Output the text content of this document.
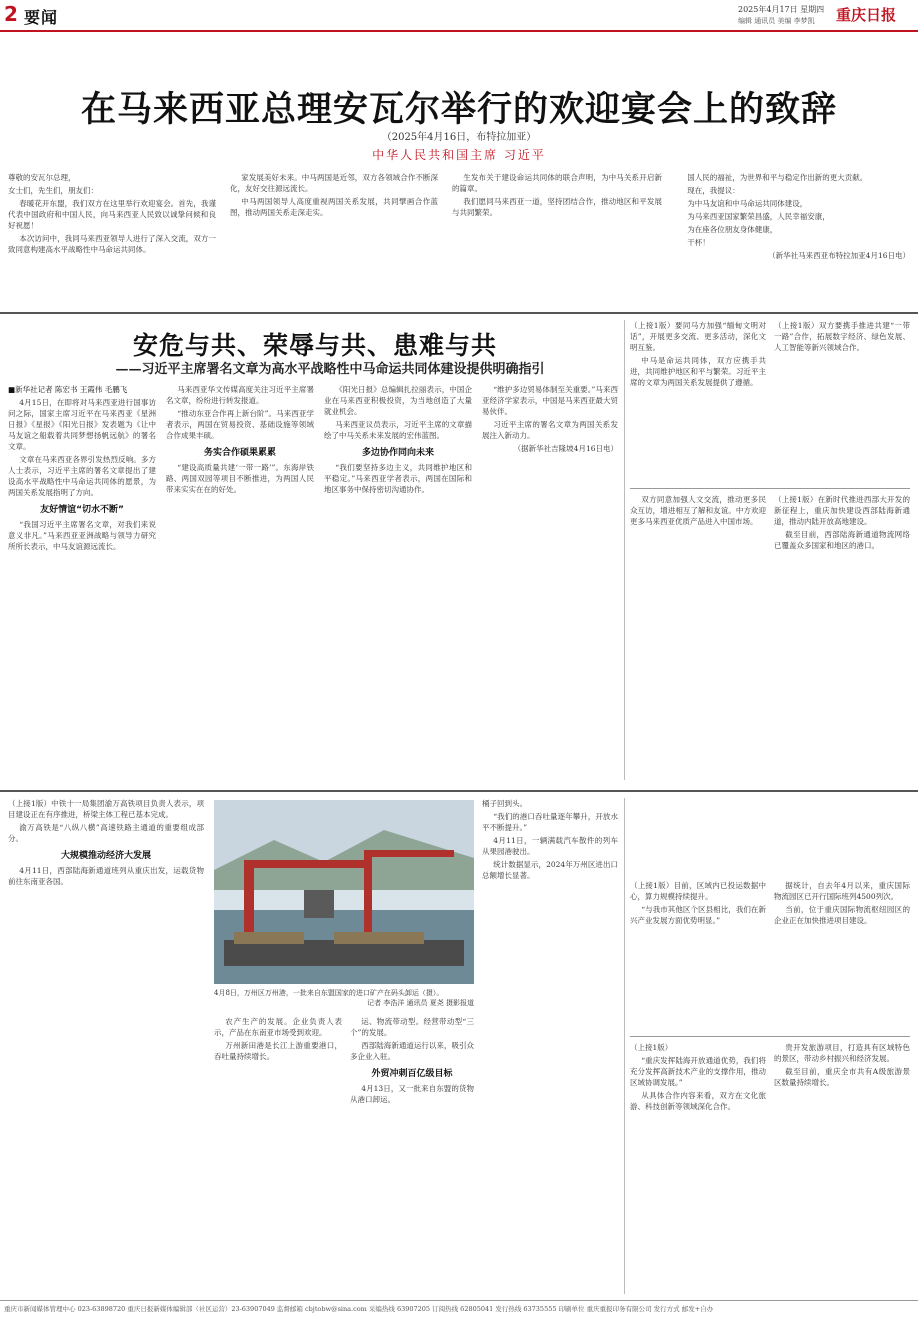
2 要闻	2025年4月17日 星期四
编辑 通讯员 美编 李梦凯 重庆日报
在马来西亚总理安瓦尔举行的欢迎宴会上的致辞
（2025年4月16日，布特拉加亚）
中华人民共和国主席 习近平

尊敬的安瓦尔总理，

女士们，先生们，朋友们：

春暖花开东盟，我们双方在这里举行欢迎宴会。首先，我谨代表中国政府和中国人民，向马来西亚人民致以诚挚问候和良好祝愿！

本次访问中，我同马来西亚领导人进行了深入交流，双方一致同意构建高水平战略性中马命运共同体。

家发展美好未来。中马两国是近邻，双方各领域合作不断深化，友好交往源远流长。

中马两国领导人高度重视两国关系发展，共同擘画合作蓝图，推动两国关系走深走实。

生发布关于建设命运共同体的联合声明，为中马关系开启新的篇章。

我们愿同马来西亚一道，坚持团结合作，推动地区和平发展与共同繁荣。

国人民的福祉，为世界和平与稳定作出新的更大贡献。

现在，我提议：

为中马友谊和中马命运共同体建设，

为马来西亚国家繁荣昌盛，人民幸福安康，

为在座各位朋友身体健康，

干杯！

（新华社马来西亚布特拉加亚4月16日电）

安危与共、荣辱与共、患难与共
——习近平主席署名文章为高水平战略性中马命运共同体建设提供明确指引

■新华社记者 陈宏书 王霞伟 毛鹏飞

4月15日，在即将对马来西亚进行国事访问之际，国家主席习近平在马来西亚《星洲日报》《星报》《阳光日报》发表题为《让中马友谊之船载着共同梦想扬帆远航》的署名文章。

文章在马来西亚各界引发热烈反响。多方人士表示，习近平主席的署名文章提出了建设高水平战略性中马命运共同体的愿景，为两国关系发展指明了方向。

友好情谊“切水不断”

“我国习近平主席署名文章，对我们来说意义非凡。”马来西亚亚洲战略与领导力研究所所长表示，中马友谊源远流长。

马来西亚华文传媒高度关注习近平主席署名文章，纷纷进行转发报道。

“推动东亚合作再上新台阶”。马来西亚学者表示，两国在贸易投资、基础设施等领域合作成果丰硕。

务实合作硕果累累

“建设高质量共建‘一带一路’”。东海岸铁路、两国双园等项目不断推进，为两国人民带来实实在在的好处。

《阳光日报》总编辑扎拉丽表示，中国企业在马来西亚积极投资，为当地创造了大量就业机会。

马来西亚议员表示，习近平主席的文章描绘了中马关系未来发展的宏伟蓝图。

多边协作同向未来

“我们要坚持多边主义，共同维护地区和平稳定。”马来西亚学者表示，两国在国际和地区事务中保持密切沟通协作。

“维护多边贸易体制至关重要。”马来西亚经济学家表示，中国是马来西亚最大贸易伙伴。

习近平主席的署名文章为两国关系发展注入新动力。

（据新华社吉隆坡4月16日电）

（上接1版）要同马方加强“缅甸文明对话”，开展更多交流、更多活动，深化文明互鉴。

中马是命运共同体，双方应携手共进，共同维护地区和平与繁荣。习近平主席的文章为两国关系发展提供了遵循。

（上接1版）双方要携手推进共建“一带一路”合作，拓展数字经济、绿色发展、人工智能等新兴领域合作。

双方同意加强人文交流，推动更多民众互访，增进相互了解和友谊。中方欢迎更多马来西亚优质产品进入中国市场。

（上接1版）在新时代推进西部大开发的新征程上，重庆加快建设西部陆海新通道，推动内陆开放高地建设。

截至目前，西部陆海新通道物流网络已覆盖众多国家和地区的港口。

（上接1版）中铁十一局集团渝万高铁项目负责人表示，项目建设正在有序推进，桥梁主体工程已基本完成。

渝万高铁是“八纵八横”高速铁路主通道的重要组成部分。

大规模推动经济大发展

4月11日，西部陆海新通道班列从重庆出发，运载货物前往东南亚各国。

4月8日，万州区万州港，一批来自东盟国家的进口矿产在码头卸运（摄）。
记者 李浩洋 通讯员 夏尧 摄影报道

农产生产的发展。企业负责人表示，产品在东南亚市场受到欢迎。

万州新田港是长江上游重要港口，吞吐量持续增长。

运、物流带动型。经营带动型“三个”的发展。

西部陆海新通道运行以来，吸引众多企业入驻。

外贸冲刺百亿级目标

4月13日，又一批来自东盟的货物从港口卸运。

桶子回到头。

“我们的港口吞吐量逐年攀升，开放水平不断提升。”

4月11日，一辆满载汽车散件的列车从果园港驶出。

统计数据显示，2024年万州区进出口总额增长显著。

（上接1版）目前，区域内已投运数据中心，算力规模持续提升。

“与我市其他区个区县相比，我们在新兴产业发展方面优势明显。”

据统计，自去年4月以来，重庆国际物流园区已开行国际班列4500列次。

当前，位于重庆国际物流枢纽园区的企业正在加快推进项目建设。

（上接1版）

“重庆发挥陆海开放通道优势，我们将充分发挥高新技术产业的支撑作用，推动区域协调发展。”

从具体合作内容来看，双方在文化旅游、科技创新等领域深化合作。

贵开发旅游项目，打造具有区域特色的景区，带动乡村振兴和经济发展。

截至目前，重庆全市共有A级旅游景区数量持续增长。

重庆市新闻媒体管理中心 023-63898720 重庆日报新媒体编辑部（社区运营）23-63907049 监督邮箱 cbjtobw@sina.com 采编热线 63907205 订阅热线 62805041 发行热线 63735555 印刷单位 重庆重报印务有限公司 发行方式 邮发+自办
